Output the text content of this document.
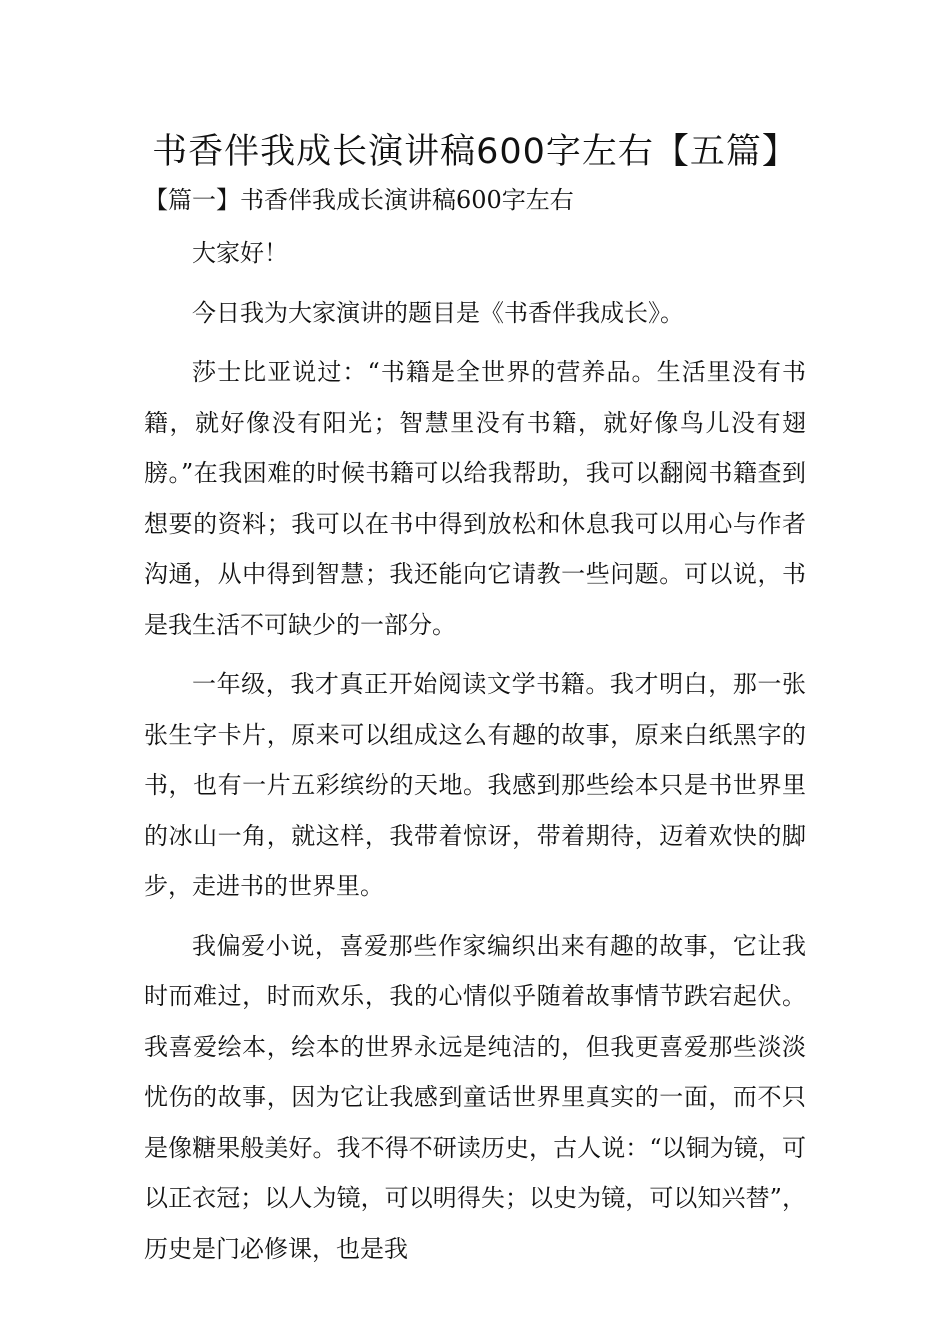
书香伴我成长演讲稿600字左右【五篇】
【篇一】书香伴我成长演讲稿600字左右

大家好！

今日我为大家演讲的题目是《书香伴我成长》。

莎士比亚说过：“书籍是全世界的营养品。生活里没有书籍，就好像没有阳光；智慧里没有书籍，就好像鸟儿没有翅膀。”在我困难的时候书籍可以给我帮助，我可以翻阅书籍查到想要的资料；我可以在书中得到放松和休息我可以用心与作者沟通，从中得到智慧；我还能向它请教一些问题。可以说，书是我生活不可缺少的一部分。

一年级，我才真正开始阅读文学书籍。我才明白，那一张张生字卡片，原来可以组成这么有趣的故事，原来白纸黑字的书，也有一片五彩缤纷的天地。我感到那些绘本只是书世界里的冰山一角，就这样，我带着惊讶，带着期待，迈着欢快的脚步，走进书的世界里。

我偏爱小说，喜爱那些作家编织出来有趣的故事，它让我时而难过，时而欢乐，我的心情似乎随着故事情节跌宕起伏。我喜爱绘本，绘本的世界永远是纯洁的，但我更喜爱那些淡淡忧伤的故事，因为它让我感到童话世界里真实的一面，而不只是像糖果般美好。我不得不研读历史，古人说：“以铜为镜，可以正衣冠；以人为镜，可以明得失；以史为镜，可以知兴替”，历史是门必修课，也是我
